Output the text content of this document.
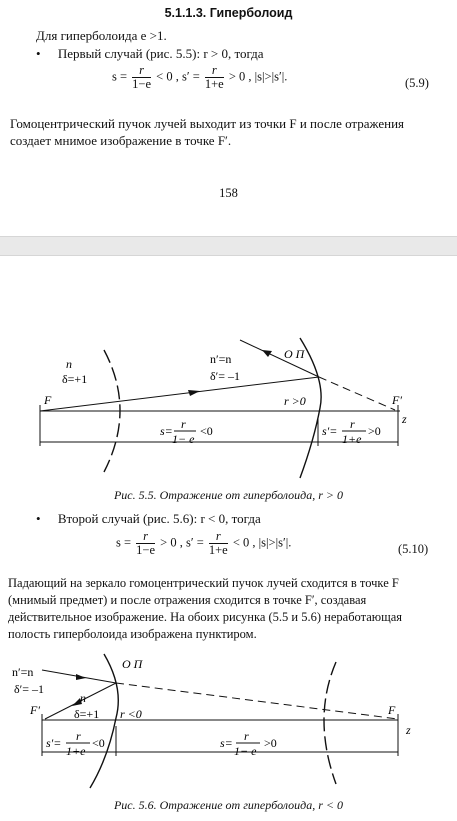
5.1.1.3. Гиперболоид
Для гиперболоида e >1.
• Первый случай (рис. 5.5): r > 0, тогда
$s = \frac{r}{1-e} < 0$ , $s' = \frac{r}{1+e} > 0$ , |s|>|s′|.	(5.9)
Гомоцентрический пучок лучей выходит из точки F и после отражения создает мнимое изображение в точке F′.
158
n
δ=+1
n′=n
δ′= –1
О П
F	F′
r >0
z
s= r
1− e
<0	s′= r
1+e
>0
Рис. 5.5. Отражение от гиперболоида, r > 0
• Второй случай (рис. 5.6): r < 0, тогда
$s = \frac{r}{1-e} > 0$ , $s' = \frac{r}{1+e} < 0$ , |s|>|s′|.	(5.10)
Падающий на зеркало гомоцентрический пучок лучей сходится в точке F (мнимый предмет) и после отражения сходится в точке F′, создавая действительное изображение. На обоих рисунка (5.5 и 5.6) неработающая полость гиперболоида изображена пунктиром.
n′=n
δ′= –1
n
δ=+1
О П
F′	F
r <0
z
s′= r
1+e
<0	s= r
1− e
>0
Рис. 5.6. Отражение от гиперболоида, r < 0
